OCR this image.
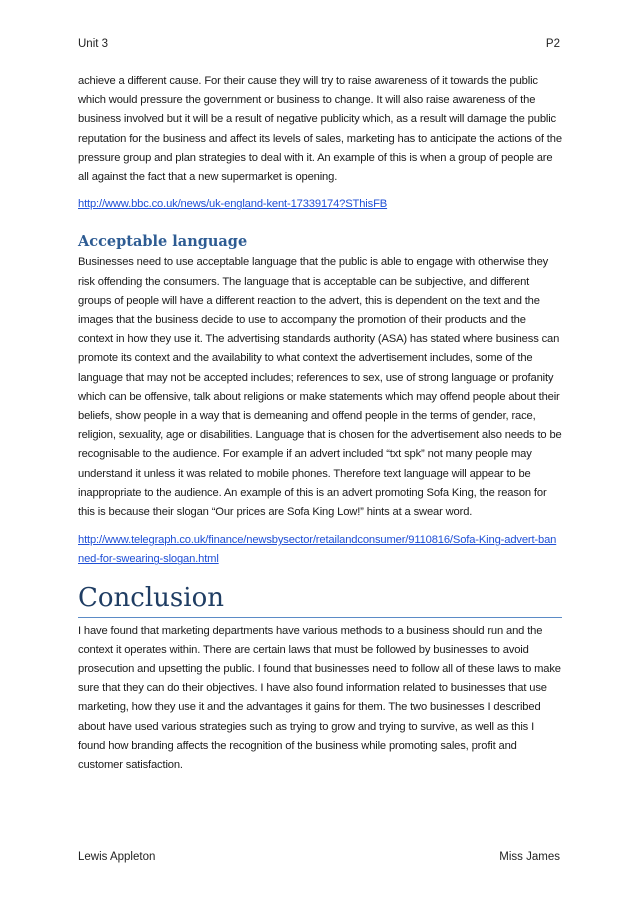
Unit 3	P2

achieve a different cause. For their cause they will try to raise awareness of it towards the public which would pressure the government or business to change. It will also raise awareness of the business involved but it will be a result of negative publicity which, as a result will damage the public reputation for the business and affect its levels of sales, marketing has to anticipate the actions of the pressure group and plan strategies to deal with it. An example of this is when a group of people are all against the fact that a new supermarket is opening.

http://www.bbc.co.uk/news/uk-england-kent-17339174?SThisFB
Acceptable language

Businesses need to use acceptable language that the public is able to engage with otherwise they risk offending the consumers. The language that is acceptable can be subjective, and different groups of people will have a different reaction to the advert, this is dependent on the text and the images that the business decide to use to accompany the promotion of their products and the context in how they use it. The advertising standards authority (ASA) has stated where business can promote its context and the availability to what context the advertisement includes, some of the language that may not be accepted includes; references to sex, use of strong language or profanity which can be offensive, talk about religions or make statements which may offend people about their beliefs, show people in a way that is demeaning and offend people in the terms of gender, race, religion, sexuality, age or disabilities. Language that is chosen for the advertisement also needs to be recognisable to the audience. For example if an advert included “txt spk” not many people may understand it unless it was related to mobile phones. Therefore text language will appear to be inappropriate to the audience. An example of this is an advert promoting Sofa King, the reason for this is because their slogan “Our prices are Sofa King Low!” hints at a swear word.

http://www.telegraph.co.uk/finance/newsbysector/retailandconsumer/9110816/Sofa-King-advert-banned-for-swearing-slogan.html
Conclusion

I have found that marketing departments have various methods to a business should run and the context it operates within. There are certain laws that must be followed by businesses to avoid prosecution and upsetting the public. I found that businesses need to follow all of these laws to make sure that they can do their objectives. I have also found information related to businesses that use marketing, how they use it and the advantages it gains for them. The two businesses I described about have used various strategies such as trying to grow and trying to survive, as well as this I found how branding affects the recognition of the business while promoting sales, profit and customer satisfaction.

Lewis Appleton	Miss James
